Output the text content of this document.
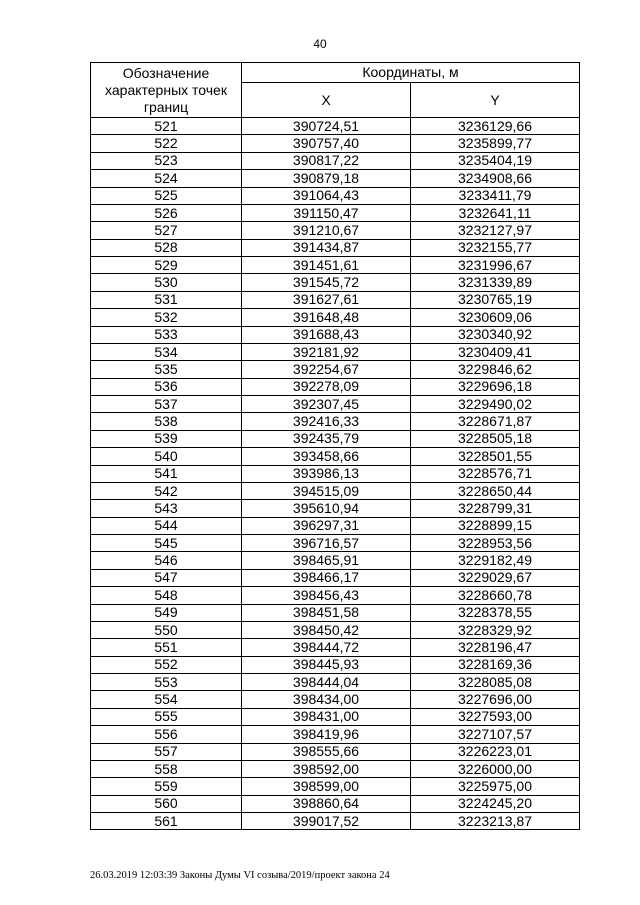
40
Обозначение характерных точек границ	Координаты, м	
	X	Y
521	390724,51	3236129,66
522	390757,40	3235899,77
523	390817,22	3235404,19
524	390879,18	3234908,66
525	391064,43	3233411,79
526	391150,47	3232641,11
527	391210,67	3232127,97
528	391434,87	3232155,77
529	391451,61	3231996,67
530	391545,72	3231339,89
531	391627,61	3230765,19
532	391648,48	3230609,06
533	391688,43	3230340,92
534	392181,92	3230409,41
535	392254,67	3229846,62
536	392278,09	3229696,18
537	392307,45	3229490,02
538	392416,33	3228671,87
539	392435,79	3228505,18
540	393458,66	3228501,55
541	393986,13	3228576,71
542	394515,09	3228650,44
543	395610,94	3228799,31
544	396297,31	3228899,15
545	396716,57	3228953,56
546	398465,91	3229182,49
547	398466,17	3229029,67
548	398456,43	3228660,78
549	398451,58	3228378,55
550	398450,42	3228329,92
551	398444,72	3228196,47
552	398445,93	3228169,36
553	398444,04	3228085,08
554	398434,00	3227696,00
555	398431,00	3227593,00
556	398419,96	3227107,57
557	398555,66	3226223,01
558	398592,00	3226000,00
559	398599,00	3225975,00
560	398860,64	3224245,20
561	399017,52	3223213,87
26.03.2019 12:03:39 Законы Думы VI созыва/2019/проект закона 24
